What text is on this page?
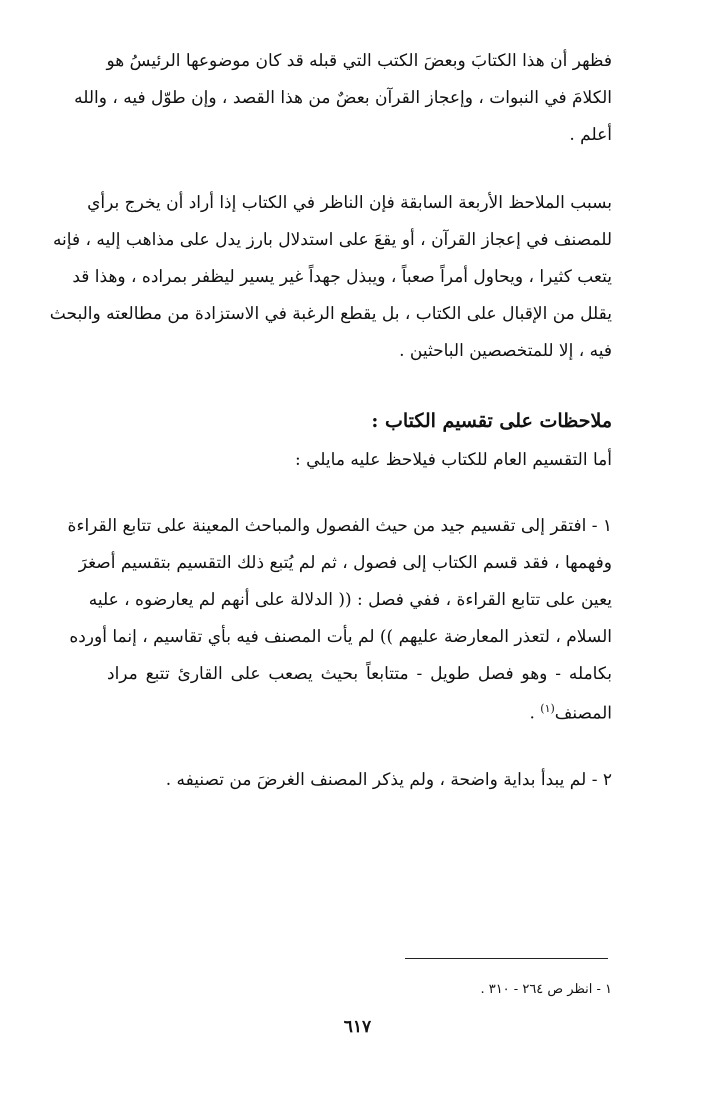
فظهر أن هذا الكتابَ وبعضَ الكتب التي قبله قد كان موضوعها الرئيسُ هو
الكلامَ في النبوات ، وإعجاز القرآن بعضٌ من هذا القصد ، وإن طوّل فيه ، والله
أعلم .
بسبب الملاحظ الأربعة السابقة فإن الناظر في الكتاب إذا أراد أن يخرج برأي
للمصنف في إعجاز القرآن ، أو يقعَ على استدلال بارز يدل على مذاهب إليه ، فإنه
يتعب كثيرا ، ويحاول أمراً صعباً ، ويبذل جهداً غير يسير ليظفر بمراده ، وهذا قد
يقلل من الإقبال على الكتاب ، بل يقطع الرغبة في الاستزادة من مطالعته والبحث
فيه ، إلا للمتخصصين الباحثين .
ملاحظات على تقسيم الكتاب :
أما التقسيم العام للكتاب فيلاحظ عليه مايلي :
١ - افتقر إلى تقسيم جيد من حيث الفصول والمباحث المعينة على تتابع القراءة
وفهمها ، فقد قسم الكتاب إلى فصول ، ثم لم يُتبع ذلك التقسيم بتقسيم أصغرَ
يعين على تتابع القراءة ، ففي فصل : (( الدلالة على أنهم لم يعارضوه ، عليه
السلام ، لتعذر المعارضة عليهم )) لم يأت المصنف فيه بأي تقاسيم ، إنما أورده
بكامله - وهو فصل طويل - متتابعاً بحيث يصعب على القارئ تتبع مراد
المصنف$^{(١)}$ .
٢ - لم يبدأ بداية واضحة ، ولم يذكر المصنف الغرضَ من تصنيفه .
١ - انظر ص ٢٦٤ - ٣١٠ .
٦١٧
